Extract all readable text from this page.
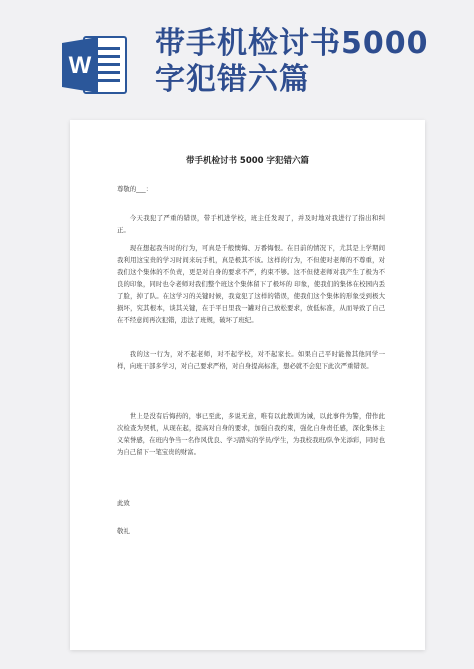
W
带手机检讨书5000字犯错六篇
带手机检讨书 5000 字犯错六篇
尊敬的___：
今天我犯了严重的错误，带手机进学校，班主任发现了，并及时地对我进行了指出和纠正。
现在想起我当时的行为，可真是千般懊悔、万番悔恨。在目前的情况下，尤其是上学期间我利用这宝贵的学习时间来玩手机，真是极其不该。这样的行为，不但使对老师的不尊重，对我们这个集体的不负责，更是对自身的要求不严，约束不够。这不但使老师对我产生了极为不良的印象，同时也令老师对我们整个班这个集体留下了极坏的 印象，使我们的集体在校园内丢了脸，掉了队。在这学习的关键时候，我竟犯了这样的错误，使我们这个集体的形象受到极大损坏，究其根本，谈其关键，在于平日里我一罐对自己放松要求，放低标准，从而导致了自己在不经意间再次犯错，违法了班规，破坏了班纪。
我的这一行为，对不起老师，对不起学校，对不起家长。如果自己平时能像其他同学一样，向班干部多学习，对自己要求严格，对自身提高标准，想必就不会犯下此次严重错误。
世上是没有后悔药的，事已至此，多说无意，唯有以此教训为诫，以此事件为警，借作此次检查为契机，从现在起，提高对自身的要求，加强自我约束，强化自身责任感，深化集体主义荣誉感，在班内争当一名作风优良、学习踏实的学员/学生，为我校我班/队争光添彩，同时也为自己留下一笔宝贵的财富。
此致
敬礼
